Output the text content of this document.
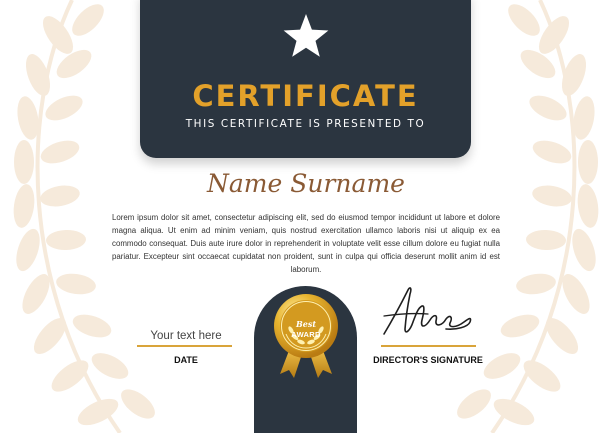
CERTIFICATE
THIS CERTIFICATE IS PRESENTED TO
Name Surname
Lorem ipsum dolor sit amet, consectetur adipiscing elit, sed do eiusmod tempor incididunt ut labore et dolore magna aliqua. Ut enim ad minim veniam, quis nostrud exercitation ullamco laboris nisi ut aliquip ex ea commodo consequat. Duis aute irure dolor in reprehenderit in voluptate velit esse cillum dolore eu fugiat nulla pariatur. Excepteur sint occaecat cupidatat non proident, sunt in culpa qui officia deserunt mollit anim id est laborum.
Your text here
DATE
Best
AWARD
DIRECTOR'S SIGNATURE
